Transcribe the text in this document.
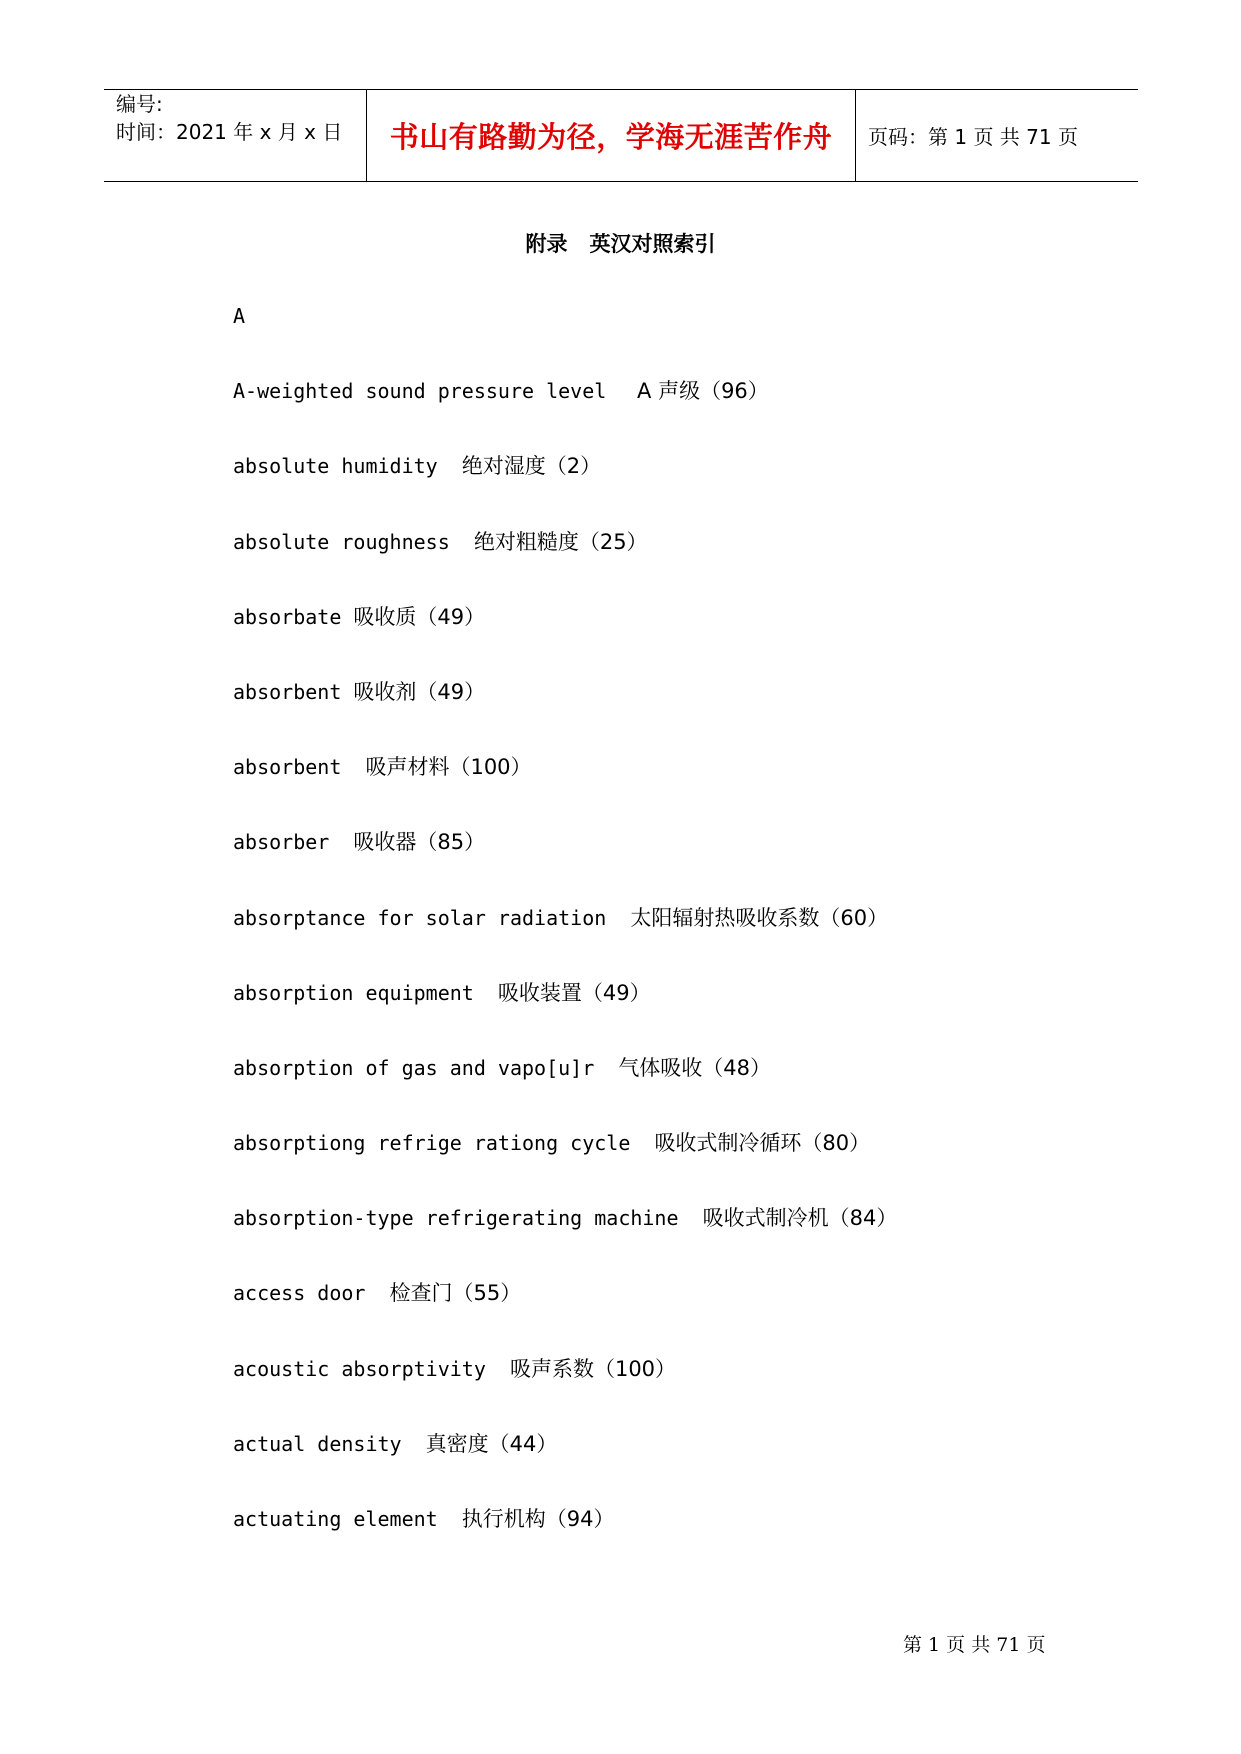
编号:
时间：2021 年 x 月 x 日	书山有路勤为径，学海无涯苦作舟 页码：第 1 页 共 71 页
附录 英汉对照索引
A
A-weighted sound pressure level   A 声级（96）
absolute humidity  绝对湿度（2）
absolute roughness  绝对粗糙度（25）
absorbate 吸收质（49）
absorbent 吸收剂（49）
absorbent  吸声材料（100）
absorber  吸收器（85）
absorptance for solar radiation  太阳辐射热吸收系数（60）
absorption equipment  吸收装置（49）
absorption of gas and vapo[u]r  气体吸收（48）
absorptiong refrige rationg cycle  吸收式制冷循环（80）
absorption-type refrigerating machine  吸收式制冷机（84）
access door  检查门（55）
acoustic absorptivity  吸声系数（100）
actual density  真密度（44）
actuating element  执行机构（94）
第 1 页 共 71 页
